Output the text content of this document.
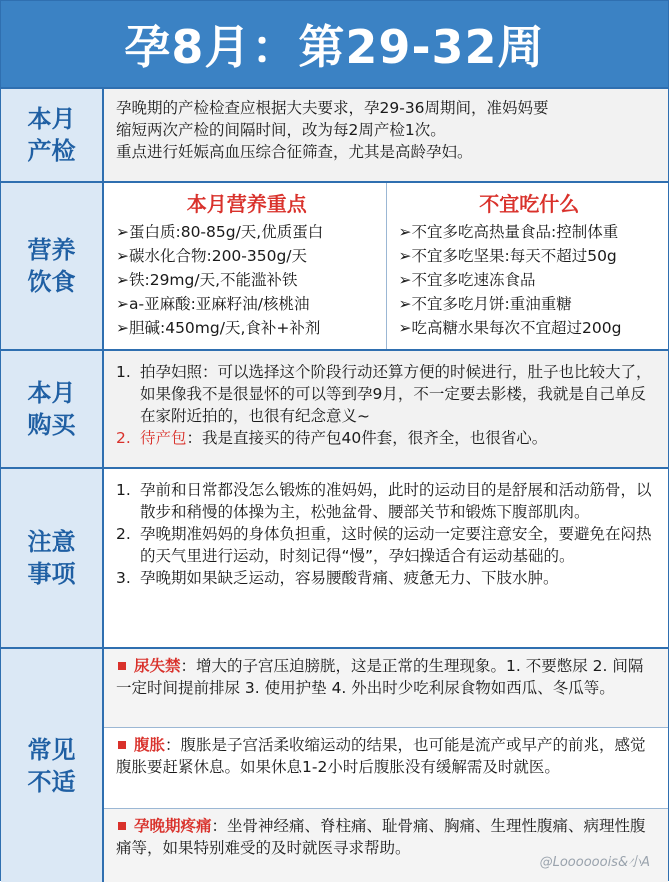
孕8月：第29-32周
本月产检
孕晚期的产检检查应根据大夫要求，孕29-36周期间，准妈妈要
缩短两次产检的间隔时间，改为每2周产检1次。
重点进行妊娠高血压综合征筛查，尤其是高龄孕妇。
营养饮食
本月营养重点
➢蛋白质:80-85g/天,优质蛋白
➢碳水化合物:200-350g/天
➢铁:29mg/天,不能滥补铁
➢a-亚麻酸:亚麻籽油/核桃油
➢胆碱:450mg/天,食补+补剂
不宜吃什么
➢不宜多吃高热量食品:控制体重
➢不宜多吃坚果:每天不超过50g
➢不宜多吃速冻食品
➢不宜多吃月饼:重油重糖
➢吃高糖水果每次不宜超过200g
本月购买
1. 拍孕妇照：可以选择这个阶段行动还算方便的时候进行，肚子也比较大了，如果像我不是很显怀的可以等到孕9月，不一定要去影楼，我就是自己单反在家附近拍的，也很有纪念意义~
2. 待产包：我是直接买的待产包40件套，很齐全，也很省心。
注意事项
1. 孕前和日常都没怎么锻炼的准妈妈，此时的运动目的是舒展和活动筋骨，以散步和稍慢的体操为主，松弛盆骨、腰部关节和锻炼下腹部肌肉。
2. 孕晚期准妈妈的身体负担重，这时候的运动一定要注意安全，要避免在闷热的天气里进行运动，时刻记得“慢”，孕妇操适合有运动基础的。
3. 孕晚期如果缺乏运动，容易腰酸背痛、疲惫无力、下肢水肿。
常见不适
尿失禁：增大的子宫压迫膀胱，这是正常的生理现象。1. 不要憋尿 2. 间隔一定时间提前排尿 3. 使用护垫 4. 外出时少吃利尿食物如西瓜、冬瓜等。
腹胀：腹胀是子宫活柔收缩运动的结果，也可能是流产或早产的前兆，感觉腹胀要赶紧休息。如果休息1-2小时后腹胀没有缓解需及时就医。
孕晚期疼痛：坐骨神经痛、脊柱痛、耻骨痛、胸痛、生理性腹痛、病理性腹痛等，如果特别难受的及时就医寻求帮助。
@Loooooois&小A
